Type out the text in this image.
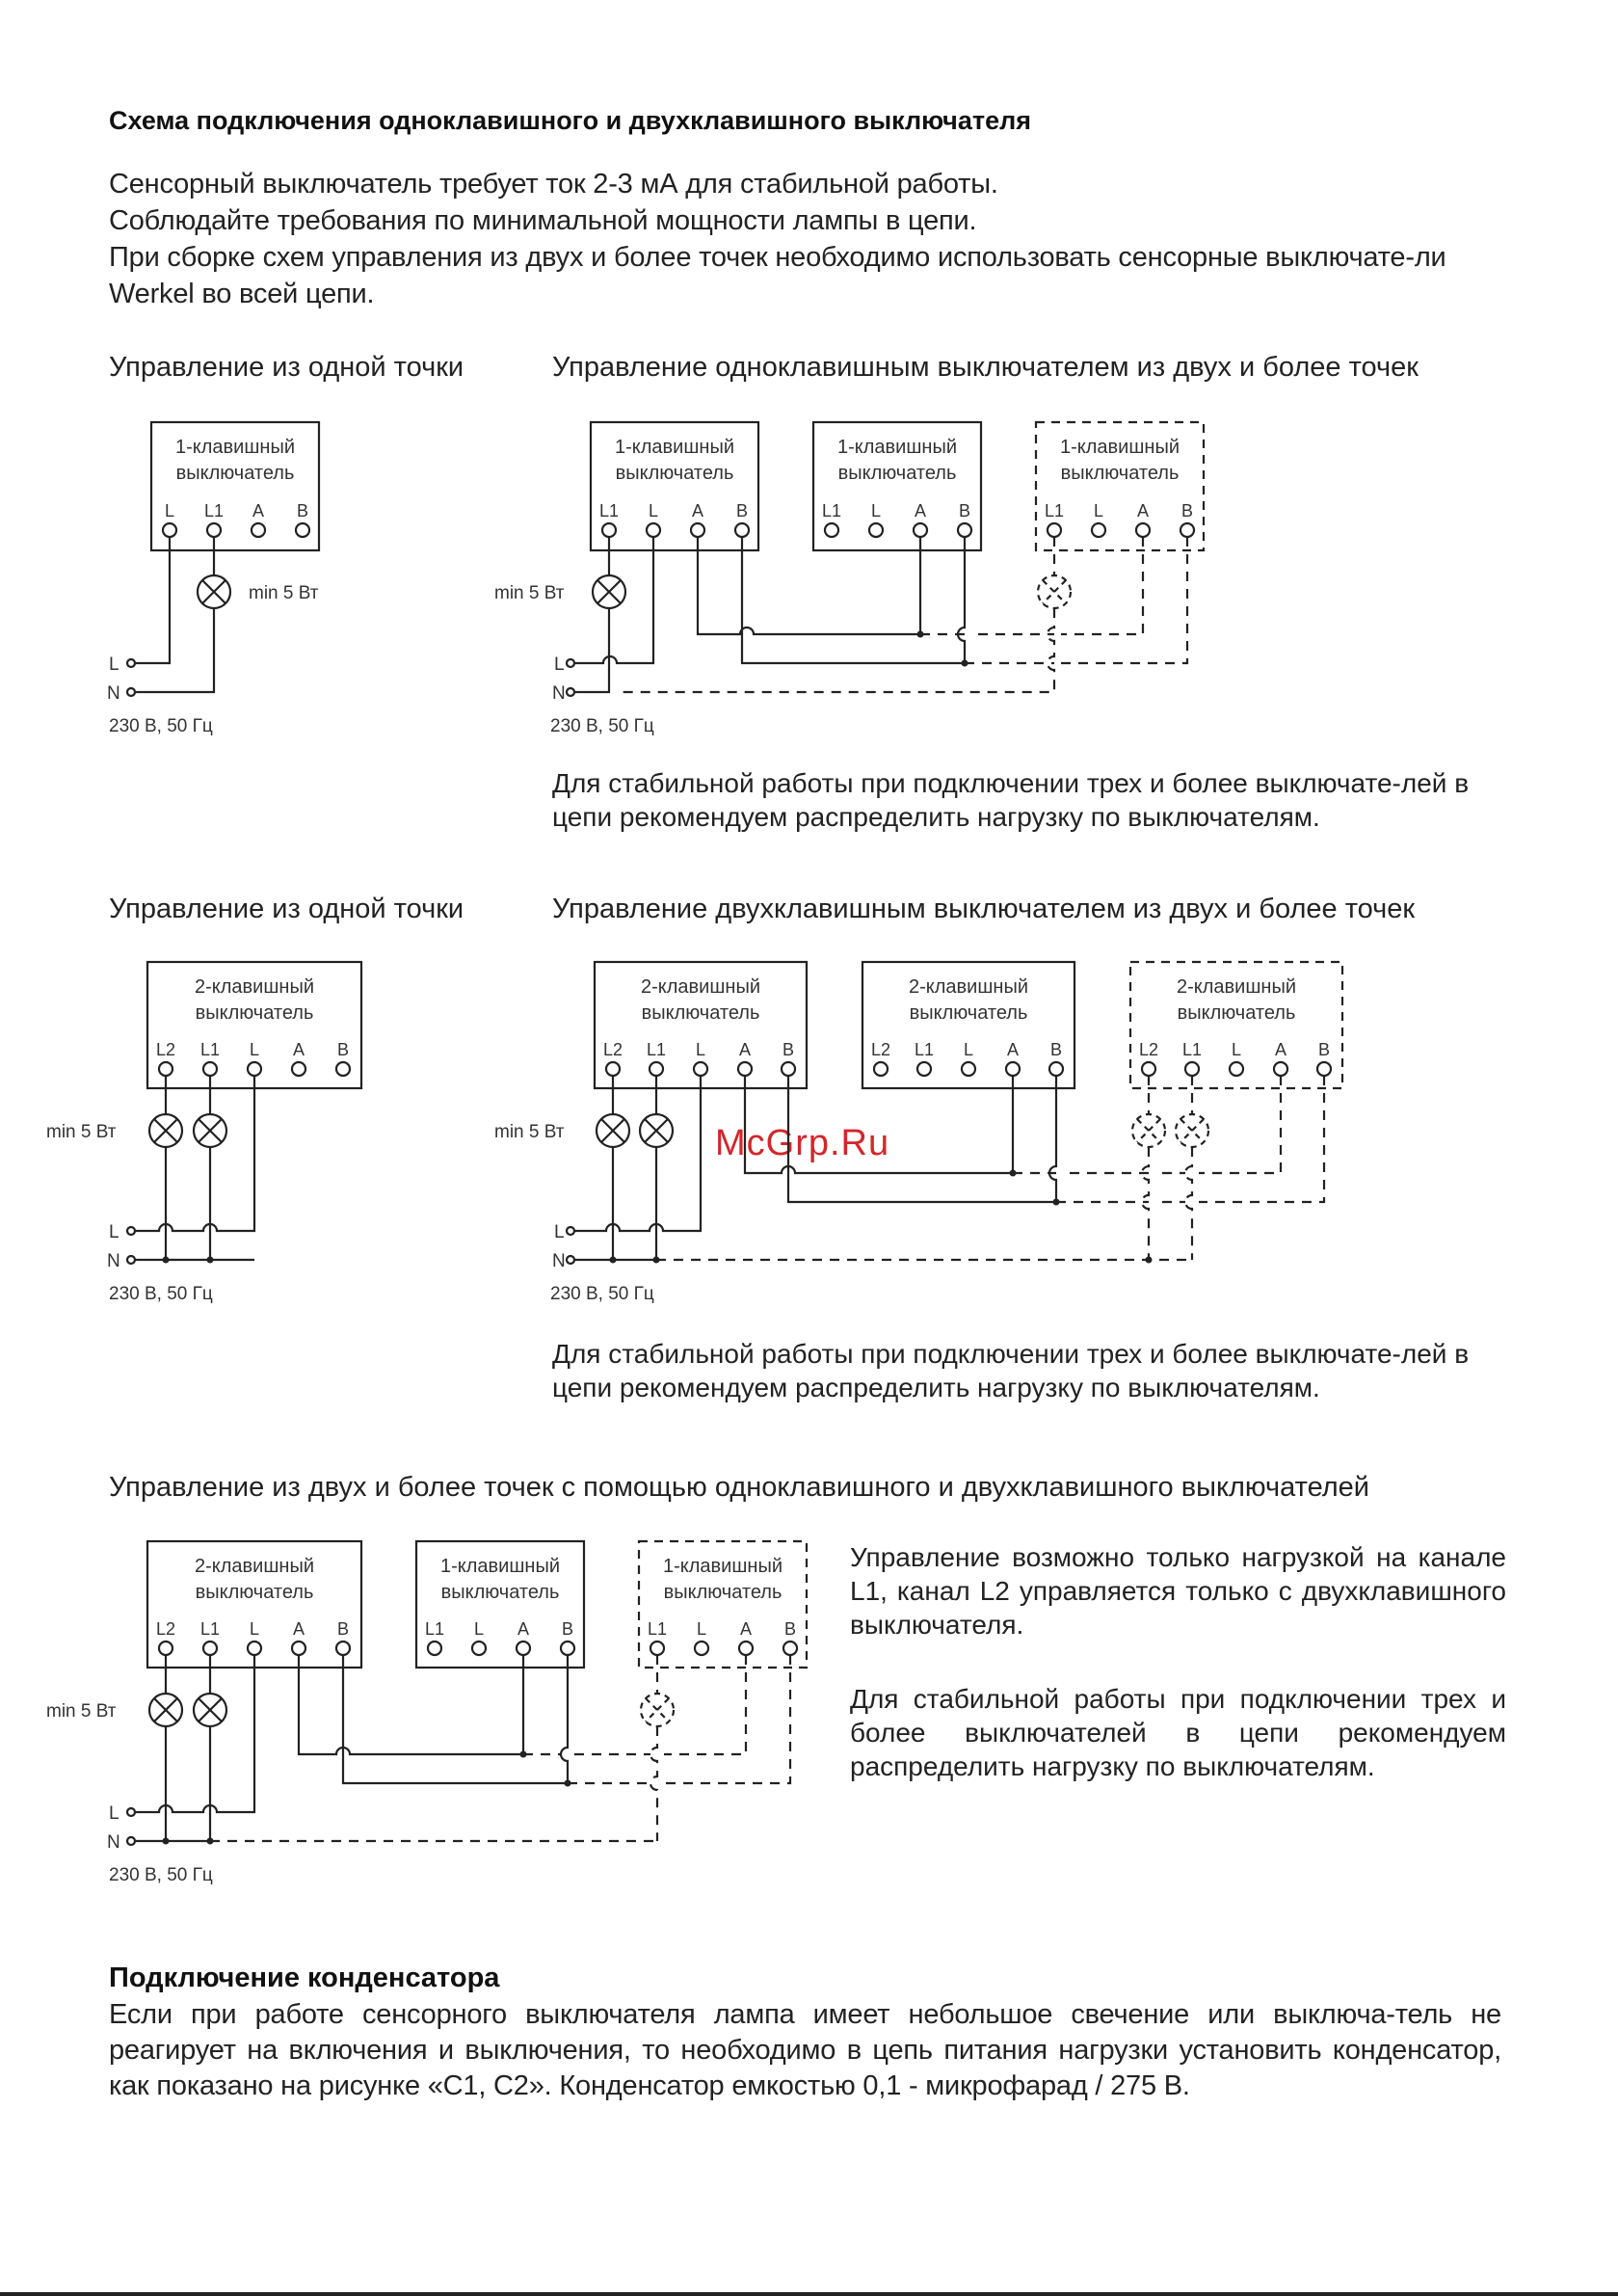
Схема подключения одноклавишного и двухклавишного выключателя
Сенсорный выключатель требует ток 2-3 мА для стабильной работы.
Соблюдайте требования по минимальной мощности лампы в цепи.
При сборке схем управления из двух и более точек необходимо использовать сенсорные выключате-ли Werkel во всей цепи.
Управление из одной точки	Управление одноклавишным выключателем из двух и более точек
Управление из одной точки	Управление двухклавишным выключателем из двух и более точек
Управление из двух и более точек с помощью одноклавишного и двухклавишного выключателей
Для стабильной работы при подключении трех и более выключате-лей в цепи рекомендуем распределить нагрузку по выключателям.
Для стабильной работы при подключении трех и более выключате-лей в цепи рекомендуем распределить нагрузку по выключателям.
Управление возможно только нагрузкой на канале L1, канал L2 управляется только с двухклавишного выключателя.
Для стабильной работы при подключении трех и более выключателей в цепи рекомендуем распределить нагрузку по выключателям.
Подключение конденсатора
Если при работе сенсорного выключателя лампа имеет небольшое свечение или выключа-тель не реагирует на включения и выключения, то необходимо в цепь питания нагрузки установить конденсатор, как показано на рисунке «C1, C2». Конденсатор емкостью 0,1 - микрофарад / 275 В.
McGrp.Ru
1-клавишный
выключатель
L L1 A B
min 5 Вт
L
N
230 В, 50 Гц
1-клавишный
выключатель
1-клавишный
выключатель
1-клавишный
выключатель
L1 L A B	L1 L A B	L1 L A B
min 5 Вт
L
N
230 В, 50 Гц
2-клавишный
выключатель
L2 L1 L A B
min 5 Вт
L
N
230 В, 50 Гц
2-клавишный
выключатель
2-клавишный
выключатель
2-клавишный
выключатель
L2 L1 L A B	L2 L1 L A B	L2 L1 L A B
min 5 Вт
L
N
230 В, 50 Гц
2-клавишный
выключатель
1-клавишный
выключатель
1-клавишный
выключатель
L2 L1 L A B	L1 L A B	L1 L A B
min 5 Вт
L
N
230 В, 50 Гц
